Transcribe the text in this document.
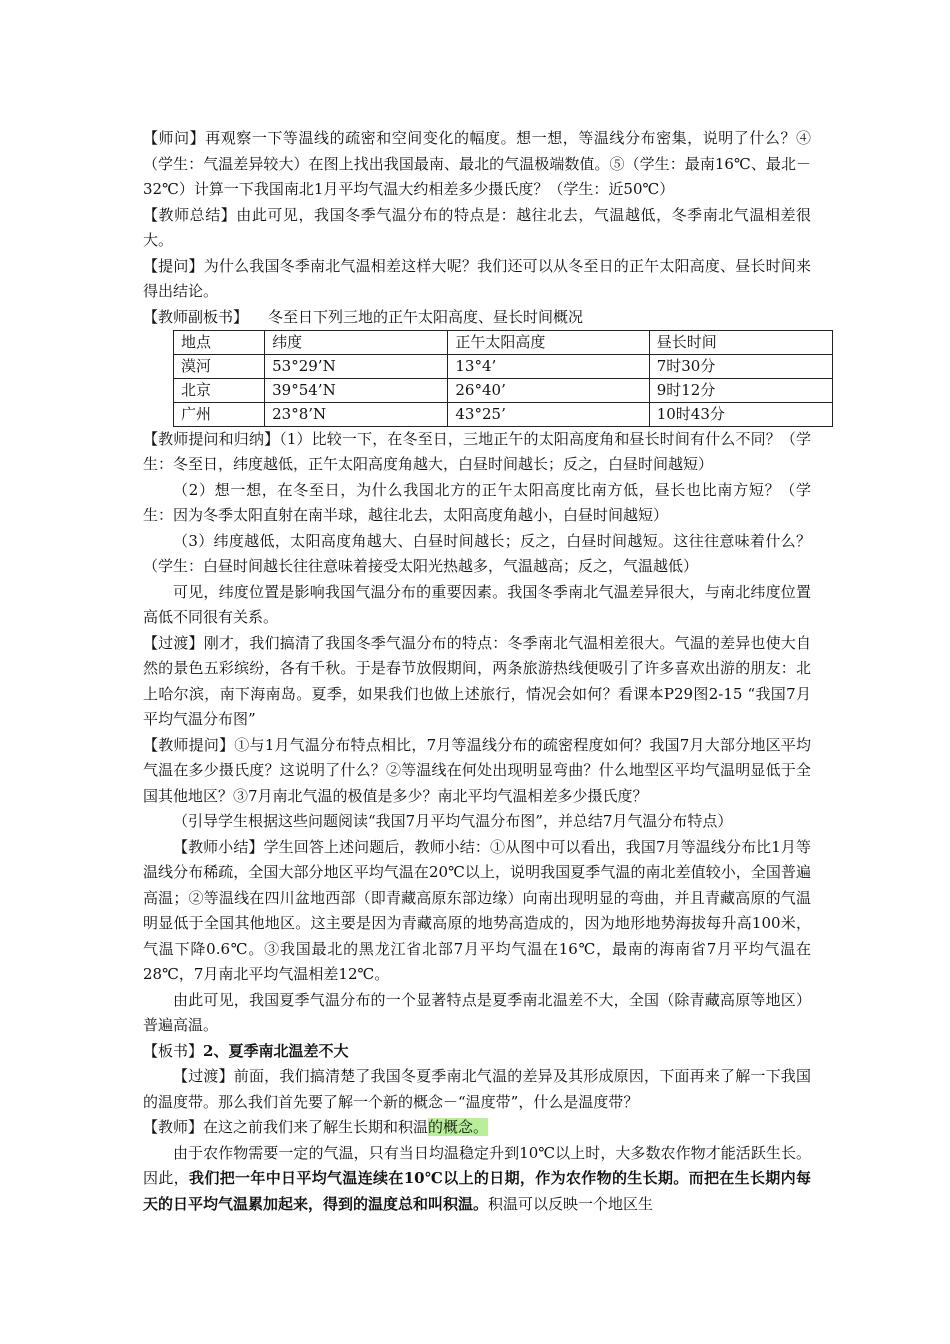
【师问】再观察一下等温线的疏密和空间变化的幅度。想一想，等温线分布密集，说明了什么？④（学生：气温差异较大）在图上找出我国最南、最北的气温极端数值。⑤（学生：最南16℃、最北－32℃）计算一下我国南北1月平均气温大约相差多少摄氏度？（学生：近50℃）

【教师总结】由此可见，我国冬季气温分布的特点是：越往北去，气温越低，冬季南北气温相差很大。

【提问】为什么我国冬季南北气温相差这样大呢？我们还可以从冬至日的正午太阳高度、昼长时间来得出结论。

【教师副板书】 冬至日下列三地的正午太阳高度、昼长时间概况

地点	纬度	正午太阳高度	昼长时间
漠河	53°29’N	13°4’	7时30分
北京	39°54’N	26°40’	9时12分
广州	23°8’N	43°25’	10时43分

【教师提问和归纳】（1）比较一下，在冬至日，三地正午的太阳高度角和昼长时间有什么不同？（学生：冬至日，纬度越低，正午太阳高度角越大，白昼时间越长；反之，白昼时间越短）

（2）想一想，在冬至日，为什么我国北方的正午太阳高度比南方低，昼长也比南方短？（学生：因为冬季太阳直射在南半球，越往北去，太阳高度角越小，白昼时间越短）

（3）纬度越低，太阳高度角越大、白昼时间越长；反之，白昼时间越短。这往往意味着什么？（学生：白昼时间越长往往意味着接受太阳光热越多，气温越高；反之，气温越低）

可见，纬度位置是影响我国气温分布的重要因素。我国冬季南北气温差异很大，与南北纬度位置高低不同很有关系。

【过渡】刚才，我们搞清了我国冬季气温分布的特点：冬季南北气温相差很大。气温的差异也使大自然的景色五彩缤纷，各有千秋。于是春节放假期间，两条旅游热线便吸引了许多喜欢出游的朋友：北上哈尔滨，南下海南岛。夏季，如果我们也做上述旅行，情况会如何？看课本P29图2-15 “我国7月平均气温分布图”

【教师提问】①与1月气温分布特点相比，7月等温线分布的疏密程度如何？我国7月大部分地区平均气温在多少摄氏度？这说明了什么？②等温线在何处出现明显弯曲？什么地型区平均气温明显低于全国其他地区？③7月南北气温的极值是多少？南北平均气温相差多少摄氏度？

（引导学生根据这些问题阅读“我国7月平均气温分布图”，并总结7月气温分布特点）

【教师小结】学生回答上述问题后，教师小结：①从图中可以看出，我国7月等温线分布比1月等温线分布稀疏，全国大部分地区平均气温在20℃以上，说明我国夏季气温的南北差值较小，全国普遍高温；②等温线在四川盆地西部（即青藏高原东部边缘）向南出现明显的弯曲，并且青藏高原的气温明显低于全国其他地区。这主要是因为青藏高原的地势高造成的，因为地形地势海拔每升高100米，气温下降0.6℃。③我国最北的黑龙江省北部7月平均气温在16℃，最南的海南省7月平均气温在28℃，7月南北平均气温相差12℃。

由此可见，我国夏季气温分布的一个显著特点是夏季南北温差不大，全国（除青藏高原等地区）普遍高温。

【板书】2、夏季南北温差不大

【过渡】前面，我们搞清楚了我国冬夏季南北气温的差异及其形成原因，下面再来了解一下我国的温度带。那么我们首先要了解一个新的概念－“温度带”，什么是温度带？

【教师】在这之前我们来了解生长期和积温的概念。

由于农作物需要一定的气温，只有当日均温稳定升到10℃以上时，大多数农作物才能活跃生长。因此，我们把一年中日平均气温连续在10℃以上的日期，作为农作物的生长期。而把在生长期内每天的日平均气温累加起来，得到的温度总和叫积温。积温可以反映一个地区生
